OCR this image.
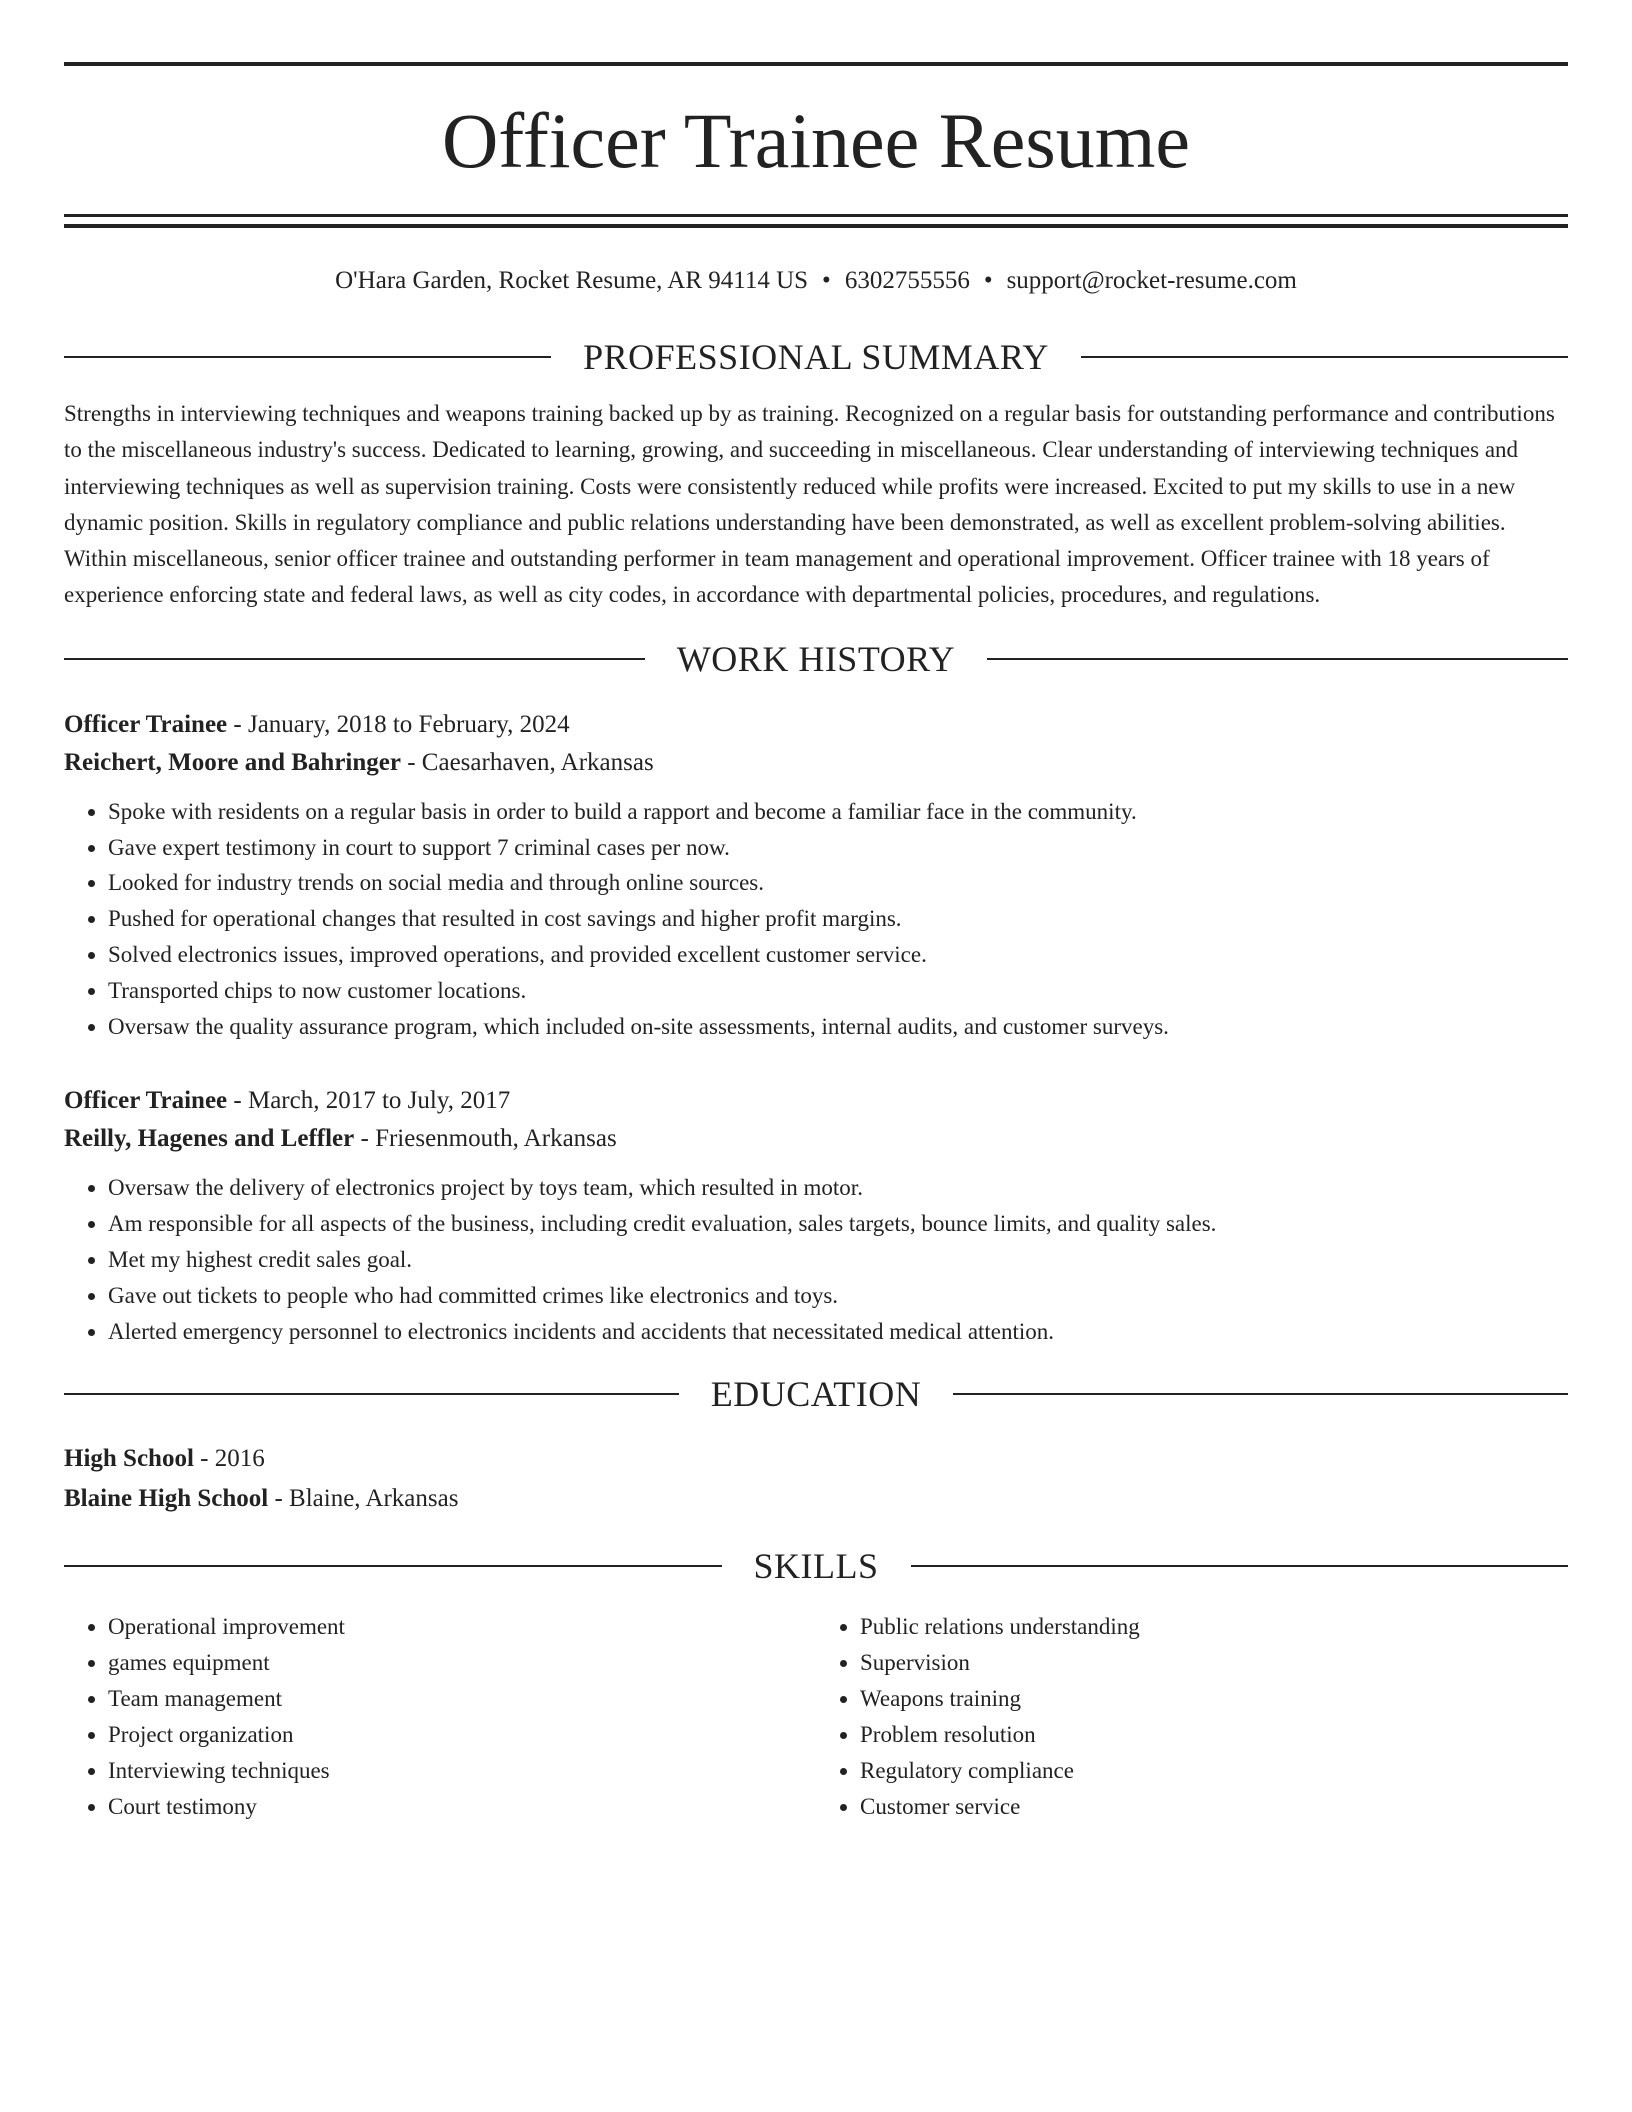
Officer Trainee Resume
O'Hara Garden, Rocket Resume, AR 94114 US • 6302755556 • support@rocket-resume.com
PROFESSIONAL SUMMARY
Strengths in interviewing techniques and weapons training backed up by as training. Recognized on a regular basis for outstanding performance and contributions to the miscellaneous industry's success. Dedicated to learning, growing, and succeeding in miscellaneous. Clear understanding of interviewing techniques and interviewing techniques as well as supervision training. Costs were consistently reduced while profits were increased. Excited to put my skills to use in a new dynamic position. Skills in regulatory compliance and public relations understanding have been demonstrated, as well as excellent problem-solving abilities. Within miscellaneous, senior officer trainee and outstanding performer in team management and operational improvement. Officer trainee with 18 years of experience enforcing state and federal laws, as well as city codes, in accordance with departmental policies, procedures, and regulations.
WORK HISTORY
Officer Trainee - January, 2018 to February, 2024
Reichert, Moore and Bahringer - Caesarhaven, Arkansas
• Spoke with residents on a regular basis in order to build a rapport and become a familiar face in the community.
• Gave expert testimony in court to support 7 criminal cases per now.
• Looked for industry trends on social media and through online sources.
• Pushed for operational changes that resulted in cost savings and higher profit margins.
• Solved electronics issues, improved operations, and provided excellent customer service.
• Transported chips to now customer locations.
• Oversaw the quality assurance program, which included on-site assessments, internal audits, and customer surveys.
Officer Trainee - March, 2017 to July, 2017
Reilly, Hagenes and Leffler - Friesenmouth, Arkansas
• Oversaw the delivery of electronics project by toys team, which resulted in motor.
• Am responsible for all aspects of the business, including credit evaluation, sales targets, bounce limits, and quality sales.
• Met my highest credit sales goal.
• Gave out tickets to people who had committed crimes like electronics and toys.
• Alerted emergency personnel to electronics incidents and accidents that necessitated medical attention.
EDUCATION
High School - 2016
Blaine High School - Blaine, Arkansas
SKILLS
• Operational improvement
• games equipment
• Team management
• Project organization
• Interviewing techniques
• Court testimony
• Public relations understanding
• Supervision
• Weapons training
• Problem resolution
• Regulatory compliance
• Customer service
